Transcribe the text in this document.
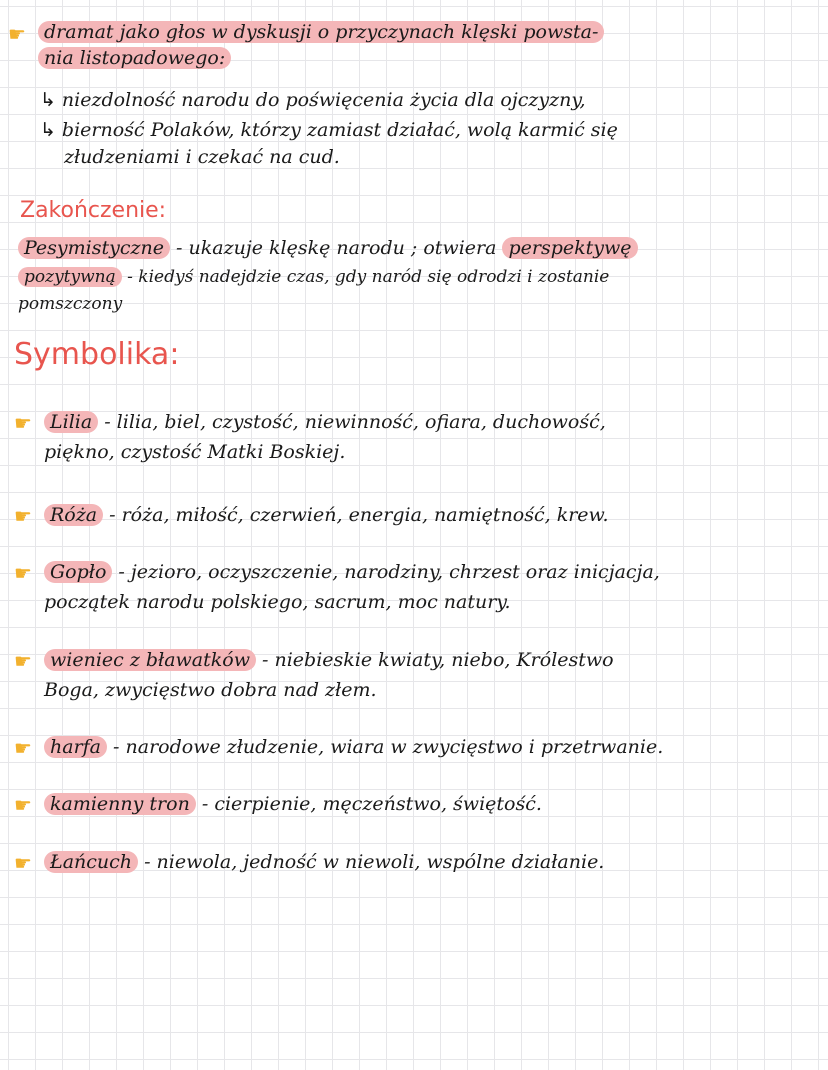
☛ dramat jako głos w dyskusji o przyczynach klęski powsta-
nia listopadowego:
↳ niezdolność narodu do poświęcenia życia dla ojczyzny,
↳ bierność Polaków, którzy zamiast działać, wolą karmić się
złudzeniami i czekać na cud.
Zakończenie:
Pesymistyczne - ukazuje klęskę narodu ; otwiera perspektywę
pozytywną - kiedyś nadejdzie czas, gdy naród się odrodzi i zostanie
pomszczony
Symbolika:
☛ Lilia - lilia, biel, czystość, niewinność, ofiara, duchowość,
piękno, czystość Matki Boskiej.
☛ Róża - róża, miłość, czerwień, energia, namiętność, krew.
☛ Gopło - jezioro, oczyszczenie, narodziny, chrzest oraz inicjacja,
początek narodu polskiego, sacrum, moc natury.
☛ wieniec z bławatków - niebieskie kwiaty, niebo, Królestwo
Boga, zwycięstwo dobra nad złem.
☛ harfa - narodowe złudzenie, wiara w zwycięstwo i przetrwanie.
☛ kamienny tron - cierpienie, męczeństwo, świętość.
☛ Łańcuch - niewola, jedność w niewoli, wspólne działanie.
